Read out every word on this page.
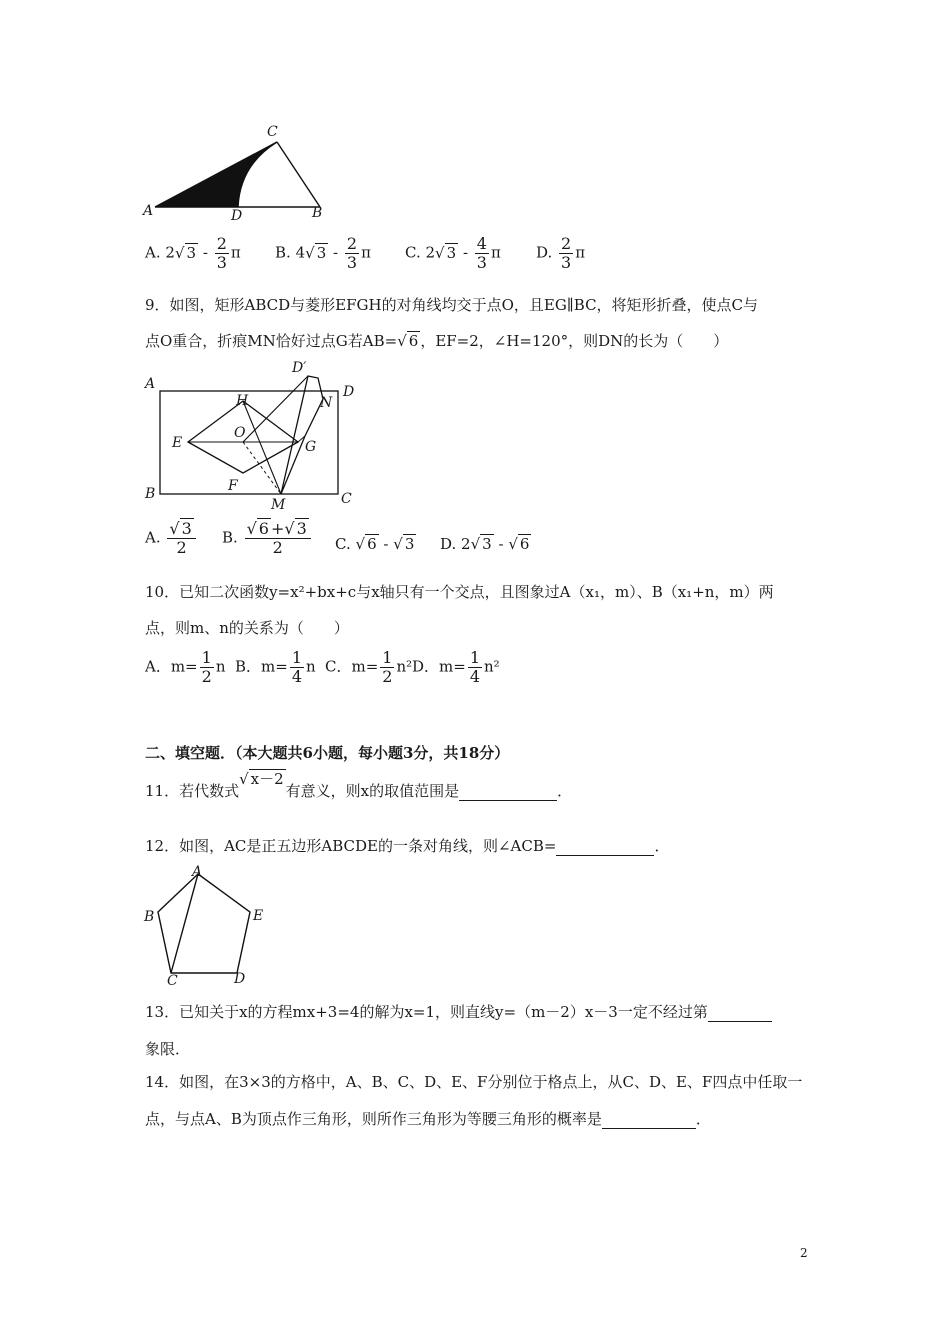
C
A	D	B
A. 2√ $3 - \frac{2}{3}$ π B. 4√ $3 - \frac{2}{3}$ π C. 2√ $3 - \frac{4}{3}$ π D. $\frac{2}{3}$ π
9．如图，矩形ABCD与菱形EFGH的对角线均交于点O，且EG∥BC，将矩形折叠，使点C与
点O重合，折痕MN恰好过点G若AB=√ 6 ，EF=2，∠H=120°，则DN的长为（　　）
A
D′
D
N
H
O
E	G
F
B
M	C
A. $\frac{√ 3}{2} B$. $\frac{√ 6 +√ 3}{2} C$. √ 6 - √ 3 D. 2√ 3 - √ 6
10．已知二次函数y=x²+bx+c与x轴只有一个交点，且图象过A（x₁，m）、B（x₁+n，m）两
点，则m、n的关系为（　　）
A．$m= \frac{1}{2}$ n B．$m= \frac{1}{4}$ n C．$m= \frac{1}{2} n^2$ D．$m= \frac{1}{4} n^2$
二、填空题．（本大题共6小题，每小题3分，共18分）
11．若代数式√ x－2有意义，则x的取值范围是	．
12．如图，AC是正五边形ABCDE的一条对角线，则∠ACB=	．
A
B	E
C	D
13．已知关于x的方程mx+3=4的解为x=1，则直线y=（m－2）x－3一定不经过第
象限．
14．如图，在3×3的方格中，A、B、C、D、E、F分别位于格点上，从C、D、E、F四点中任取一
点，与点A、B为顶点作三角形，则所作三角形为等腰三角形的概率是	．
2
